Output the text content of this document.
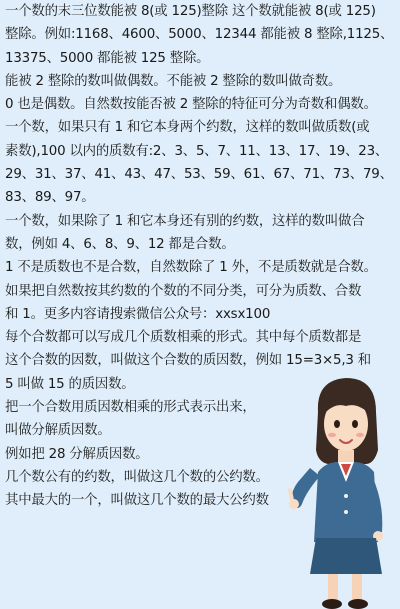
一个数的末三位数能被 8(或 125)整除 这个数就能被 8(或 125)

整除。例如:1168、4600、5000、12344 都能被 8 整除,1125、

13375、5000 都能被 125 整除。

能被 2 整除的数叫做偶数。不能被 2 整除的数叫做奇数。

0 也是偶数。自然数按能否被 2 整除的特征可分为奇数和偶数。

一个数，如果只有 1 和它本身两个约数，这样的数叫做质数(或

素数),100 以内的质数有:2、3、5、7、11、13、17、19、23、

29、31、37、41、43、47、53、59、61、67、71、73、79、

83、89、97。

一个数，如果除了 1 和它本身还有别的约数，这样的数叫做合

数，例如 4、6、8、9、12 都是合数。

1 不是质数也不是合数，自然数除了 1 外，不是质数就是合数。

如果把自然数按其约数的个数的不同分类，可分为质数、合数

和 1。更多内容请搜索微信公众号：xxsx100

每个合数都可以写成几个质数相乘的形式。其中每个质数都是

这个合数的因数，叫做这个合数的质因数，例如 15=3×5,3 和

5 叫做 15 的质因数。

把一个合数用质因数相乘的形式表示出来，

叫做分解质因数。

例如把 28 分解质因数。

几个数公有的约数，叫做这几个数的公约数。

其中最大的一个，叫做这几个数的最大公约数
